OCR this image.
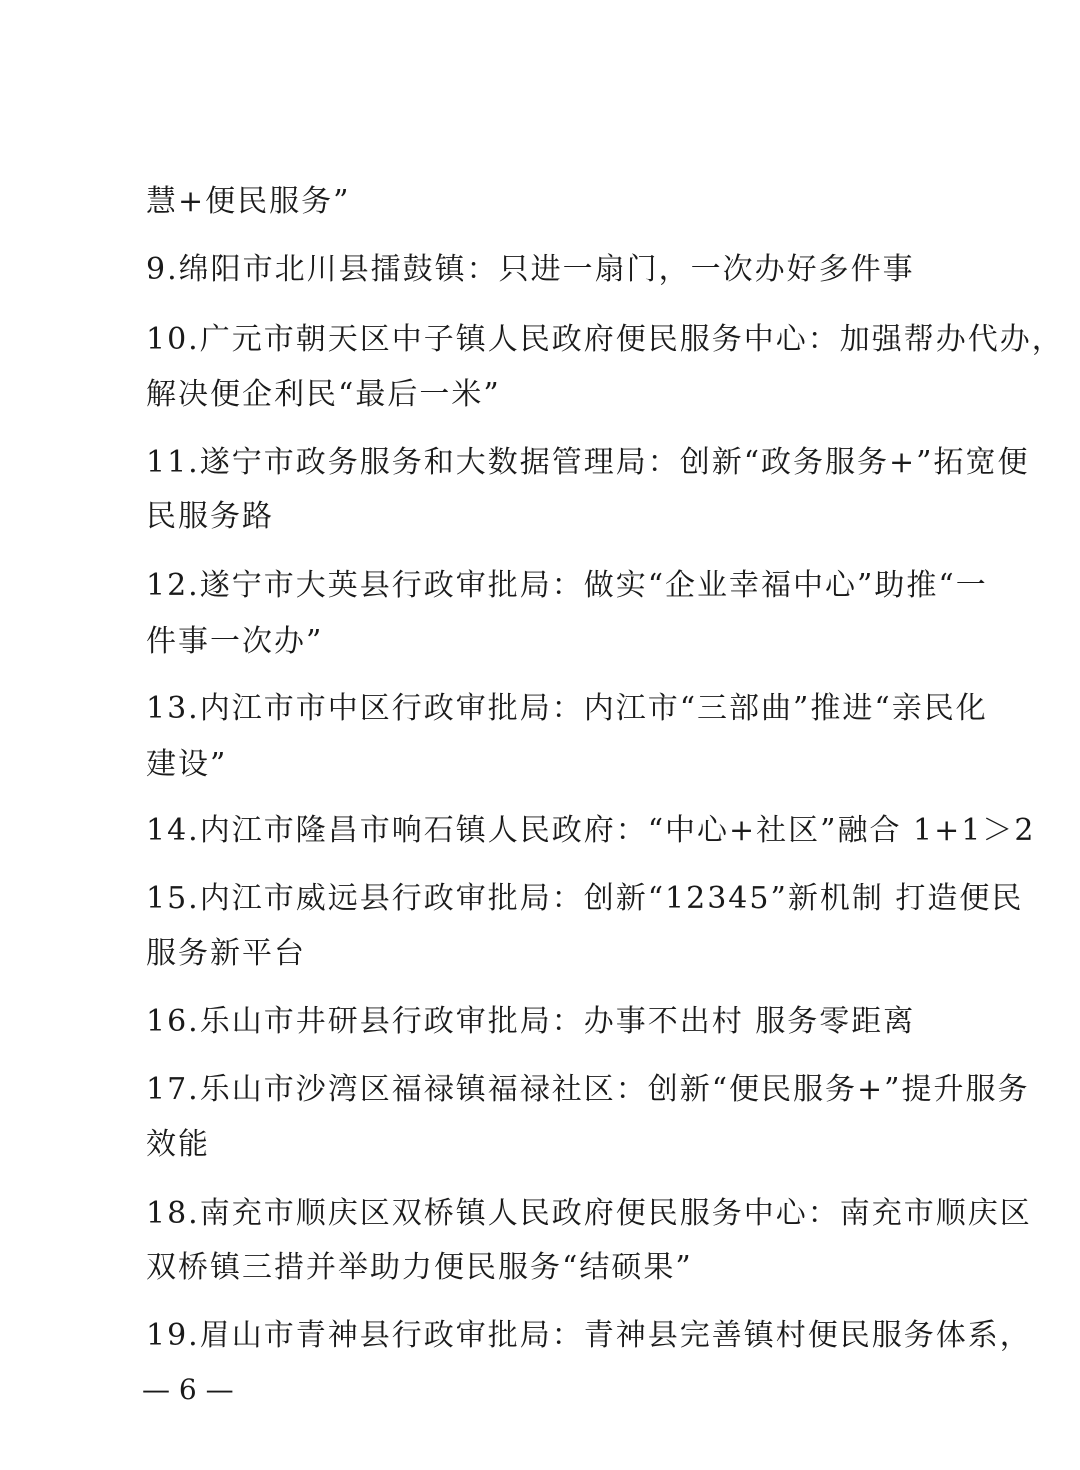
慧+便民服务”
9.绵阳市北川县擂鼓镇：只进一扇门，一次办好多件事
10.广元市朝天区中子镇人民政府便民服务中心：加强帮办代办，
解决便企利民“最后一米”
11.遂宁市政务服务和大数据管理局：创新“政务服务+”拓宽便
民服务路
12.遂宁市大英县行政审批局：做实“企业幸福中心”助推“一
件事一次办”
13.内江市市中区行政审批局：内江市“三部曲”推进“亲民化
建设”
14.内江市隆昌市响石镇人民政府：“中心+社区”融合 1+1＞2
15.内江市威远县行政审批局：创新“12345”新机制 打造便民
服务新平台
16.乐山市井研县行政审批局：办事不出村 服务零距离
17.乐山市沙湾区福禄镇福禄社区：创新“便民服务+”提升服务
效能
18.南充市顺庆区双桥镇人民政府便民服务中心：南充市顺庆区
双桥镇三措并举助力便民服务“结硕果”
19.眉山市青神县行政审批局：青神县完善镇村便民服务体系，
— 6 —
